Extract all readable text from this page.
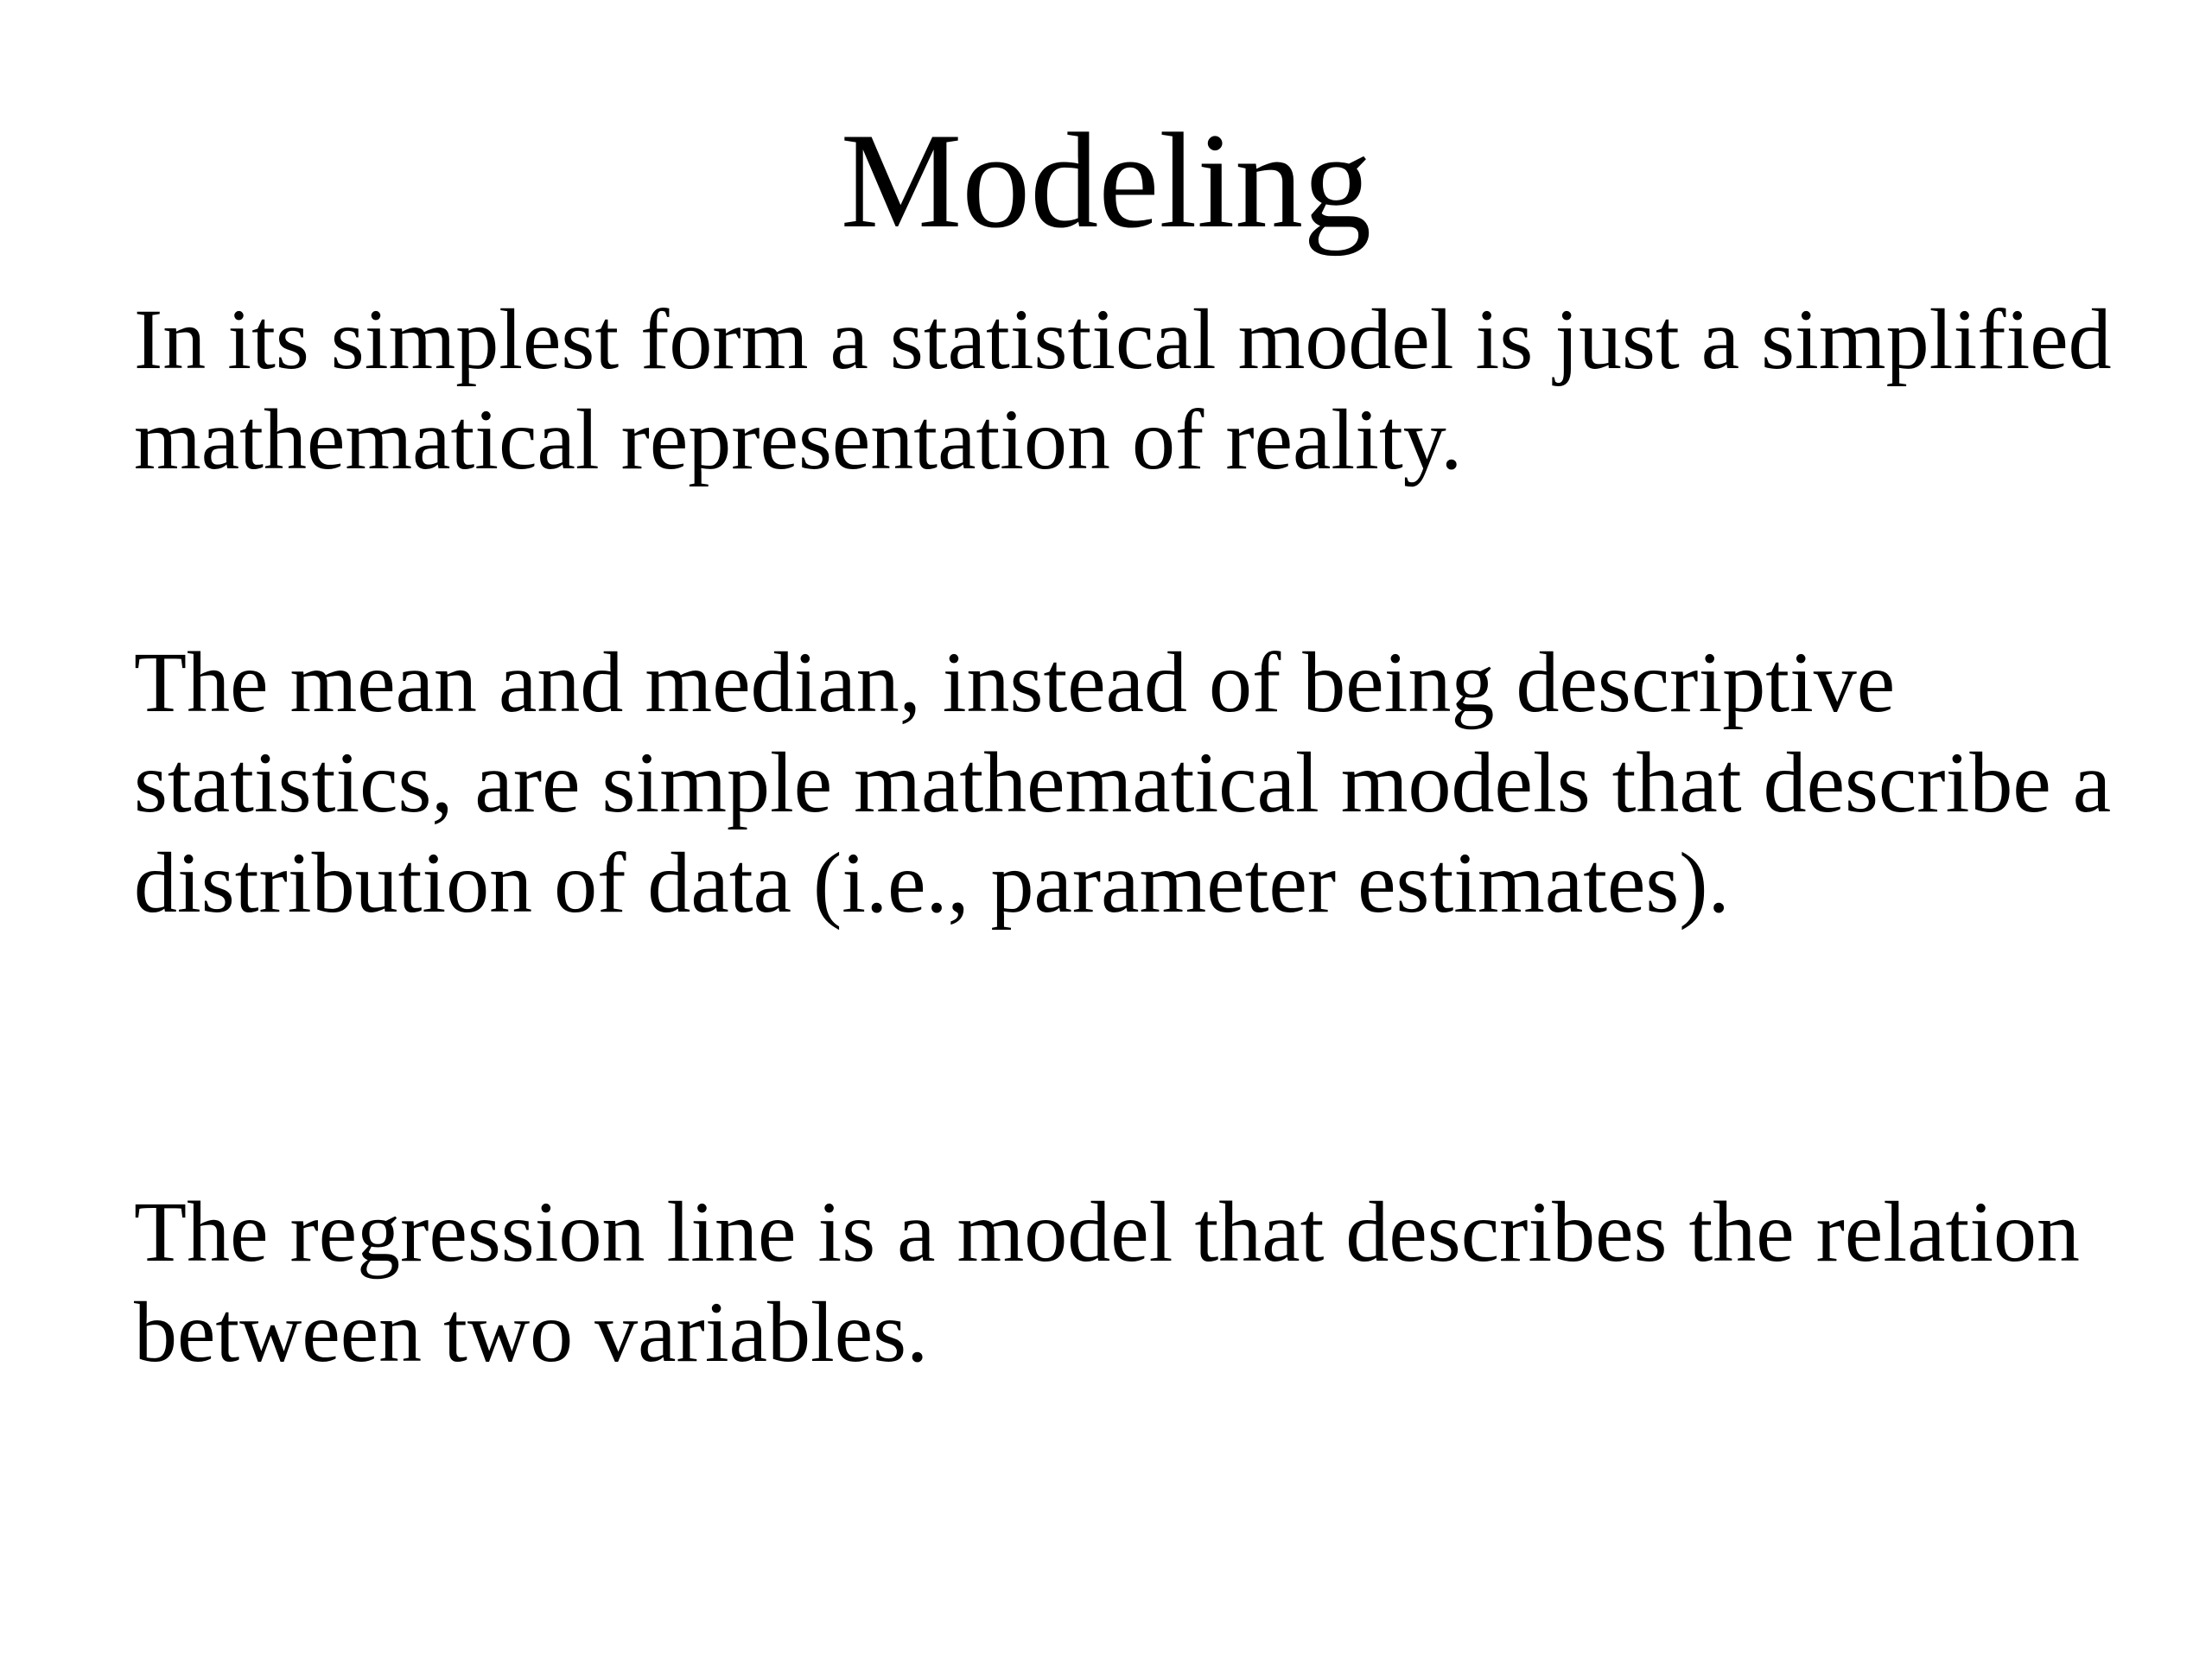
Modeling

In its simplest form a statistical model is just a simplified mathematical representation of reality.

The mean and median, instead of being descriptive statistics, are simple mathematical models that describe a distribution of data (i.e., parameter estimates).

The regression line is a model that describes the relation between two variables.
